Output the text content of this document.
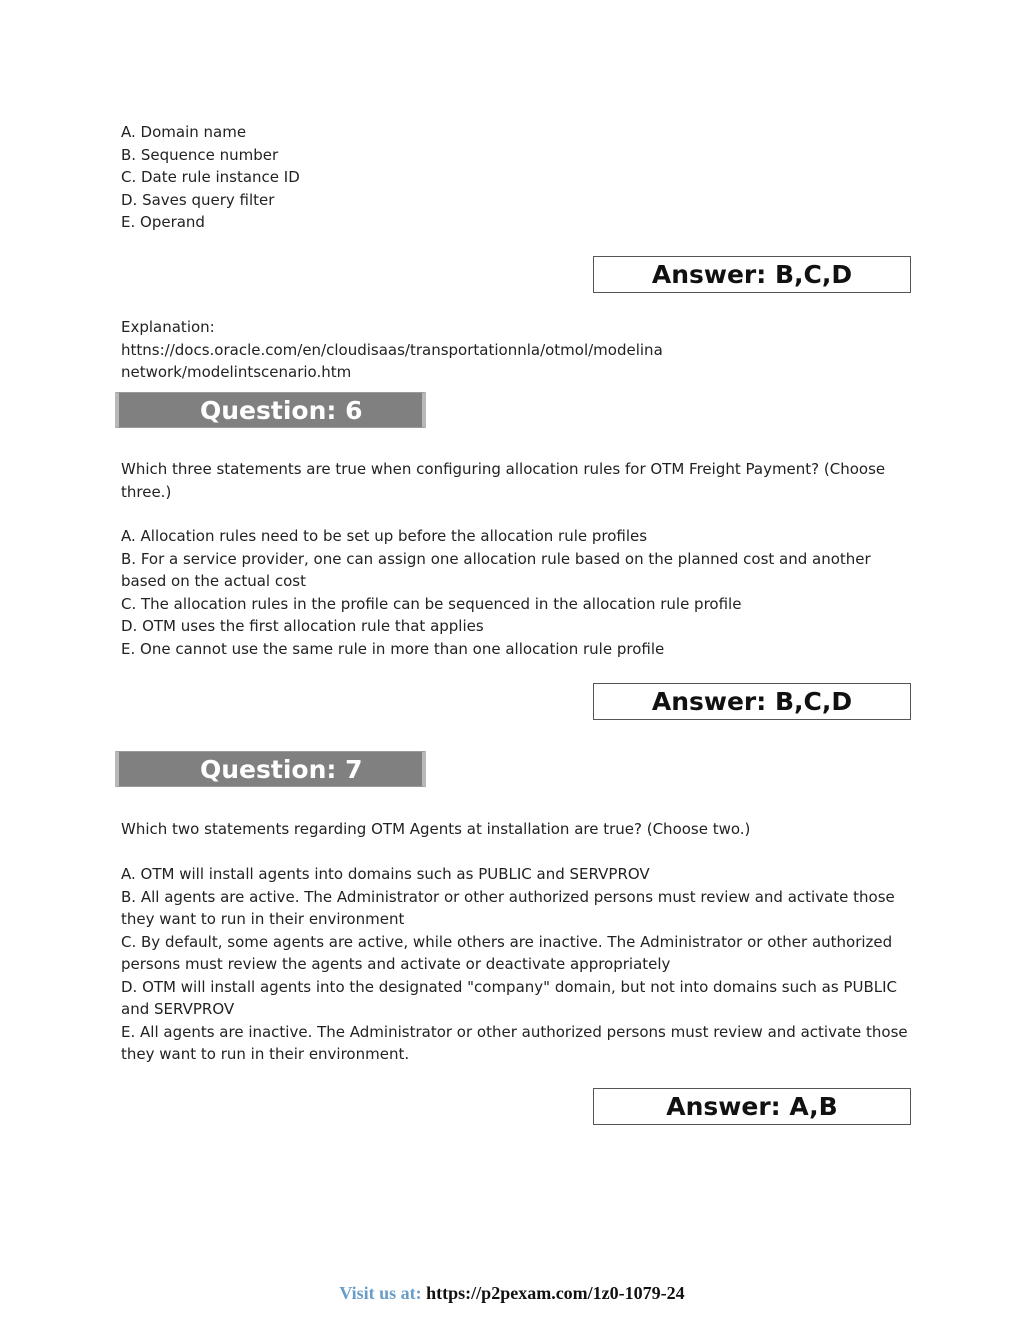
A. Domain name
B. Sequence number
C. Date rule instance ID
D. Saves query filter
E. Operand
Answer: B,C,D
Explanation:
httns://docs.oracle.com/en/cloudisaas/transportationnla/otmol/modelina
network/modelintscenario.htm
Question: 6
Which three statements are true when configuring allocation rules for OTM Freight Payment? (Choose
three.)
A. Allocation rules need to be set up before the allocation rule profiles
B. For a service provider, one can assign one allocation rule based on the planned cost and another
based on the actual cost
C. The allocation rules in the profile can be sequenced in the allocation rule profile
D. OTM uses the first allocation rule that applies
E. One cannot use the same rule in more than one allocation rule profile
Answer: B,C,D
Question: 7
Which two statements regarding OTM Agents at installation are true? (Choose two.)
A. OTM will install agents into domains such as PUBLIC and SERVPROV
B. All agents are active. The Administrator or other authorized persons must review and activate those
they want to run in their environment
C. By default, some agents are active, while others are inactive. The Administrator or other authorized
persons must review the agents and activate or deactivate appropriately
D. OTM will install agents into the designated "company" domain, but not into domains such as PUBLIC
and SERVPROV
E. All agents are inactive. The Administrator or other authorized persons must review and activate those
they want to run in their environment.
Answer: A,B
Visit us at: https://p2pexam.com/1z0-1079-24
